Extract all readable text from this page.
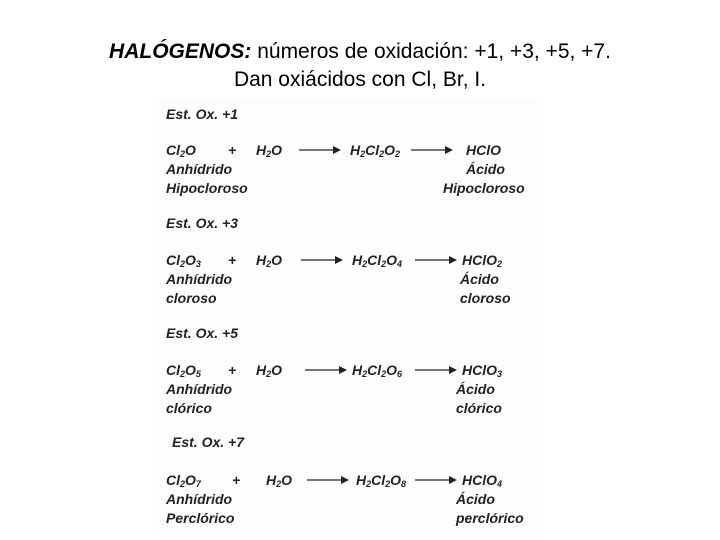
HALÓGENOS: números de oxidación: +1, +3, +5, +7.
Dan oxiácidos con Cl, Br, I.
Est. Ox. +1
$Cl_2O + H_2O \to H_2Cl_2O_2$ → HClO
Anhídrido
Hipocloroso
Ácido
Hipocloroso
Est. Ox. +3
$Cl_2O_3 + H_2O \to H_2Cl_2O_4$ → HClO$_2$
Anhídrido
cloroso
Ácido
cloroso
Est. Ox. +5
$Cl_2O_5 + H_2O \to H_2Cl_2O_6$ → HClO$_3$
Anhídrido
clórico
Ácido
clórico
Est. Ox. +7
$Cl_2O_7 + H_2O \to H_2Cl_2O_8$ → HClO$_4$
Anhídrido
Perclórico
Ácido
perclórico
